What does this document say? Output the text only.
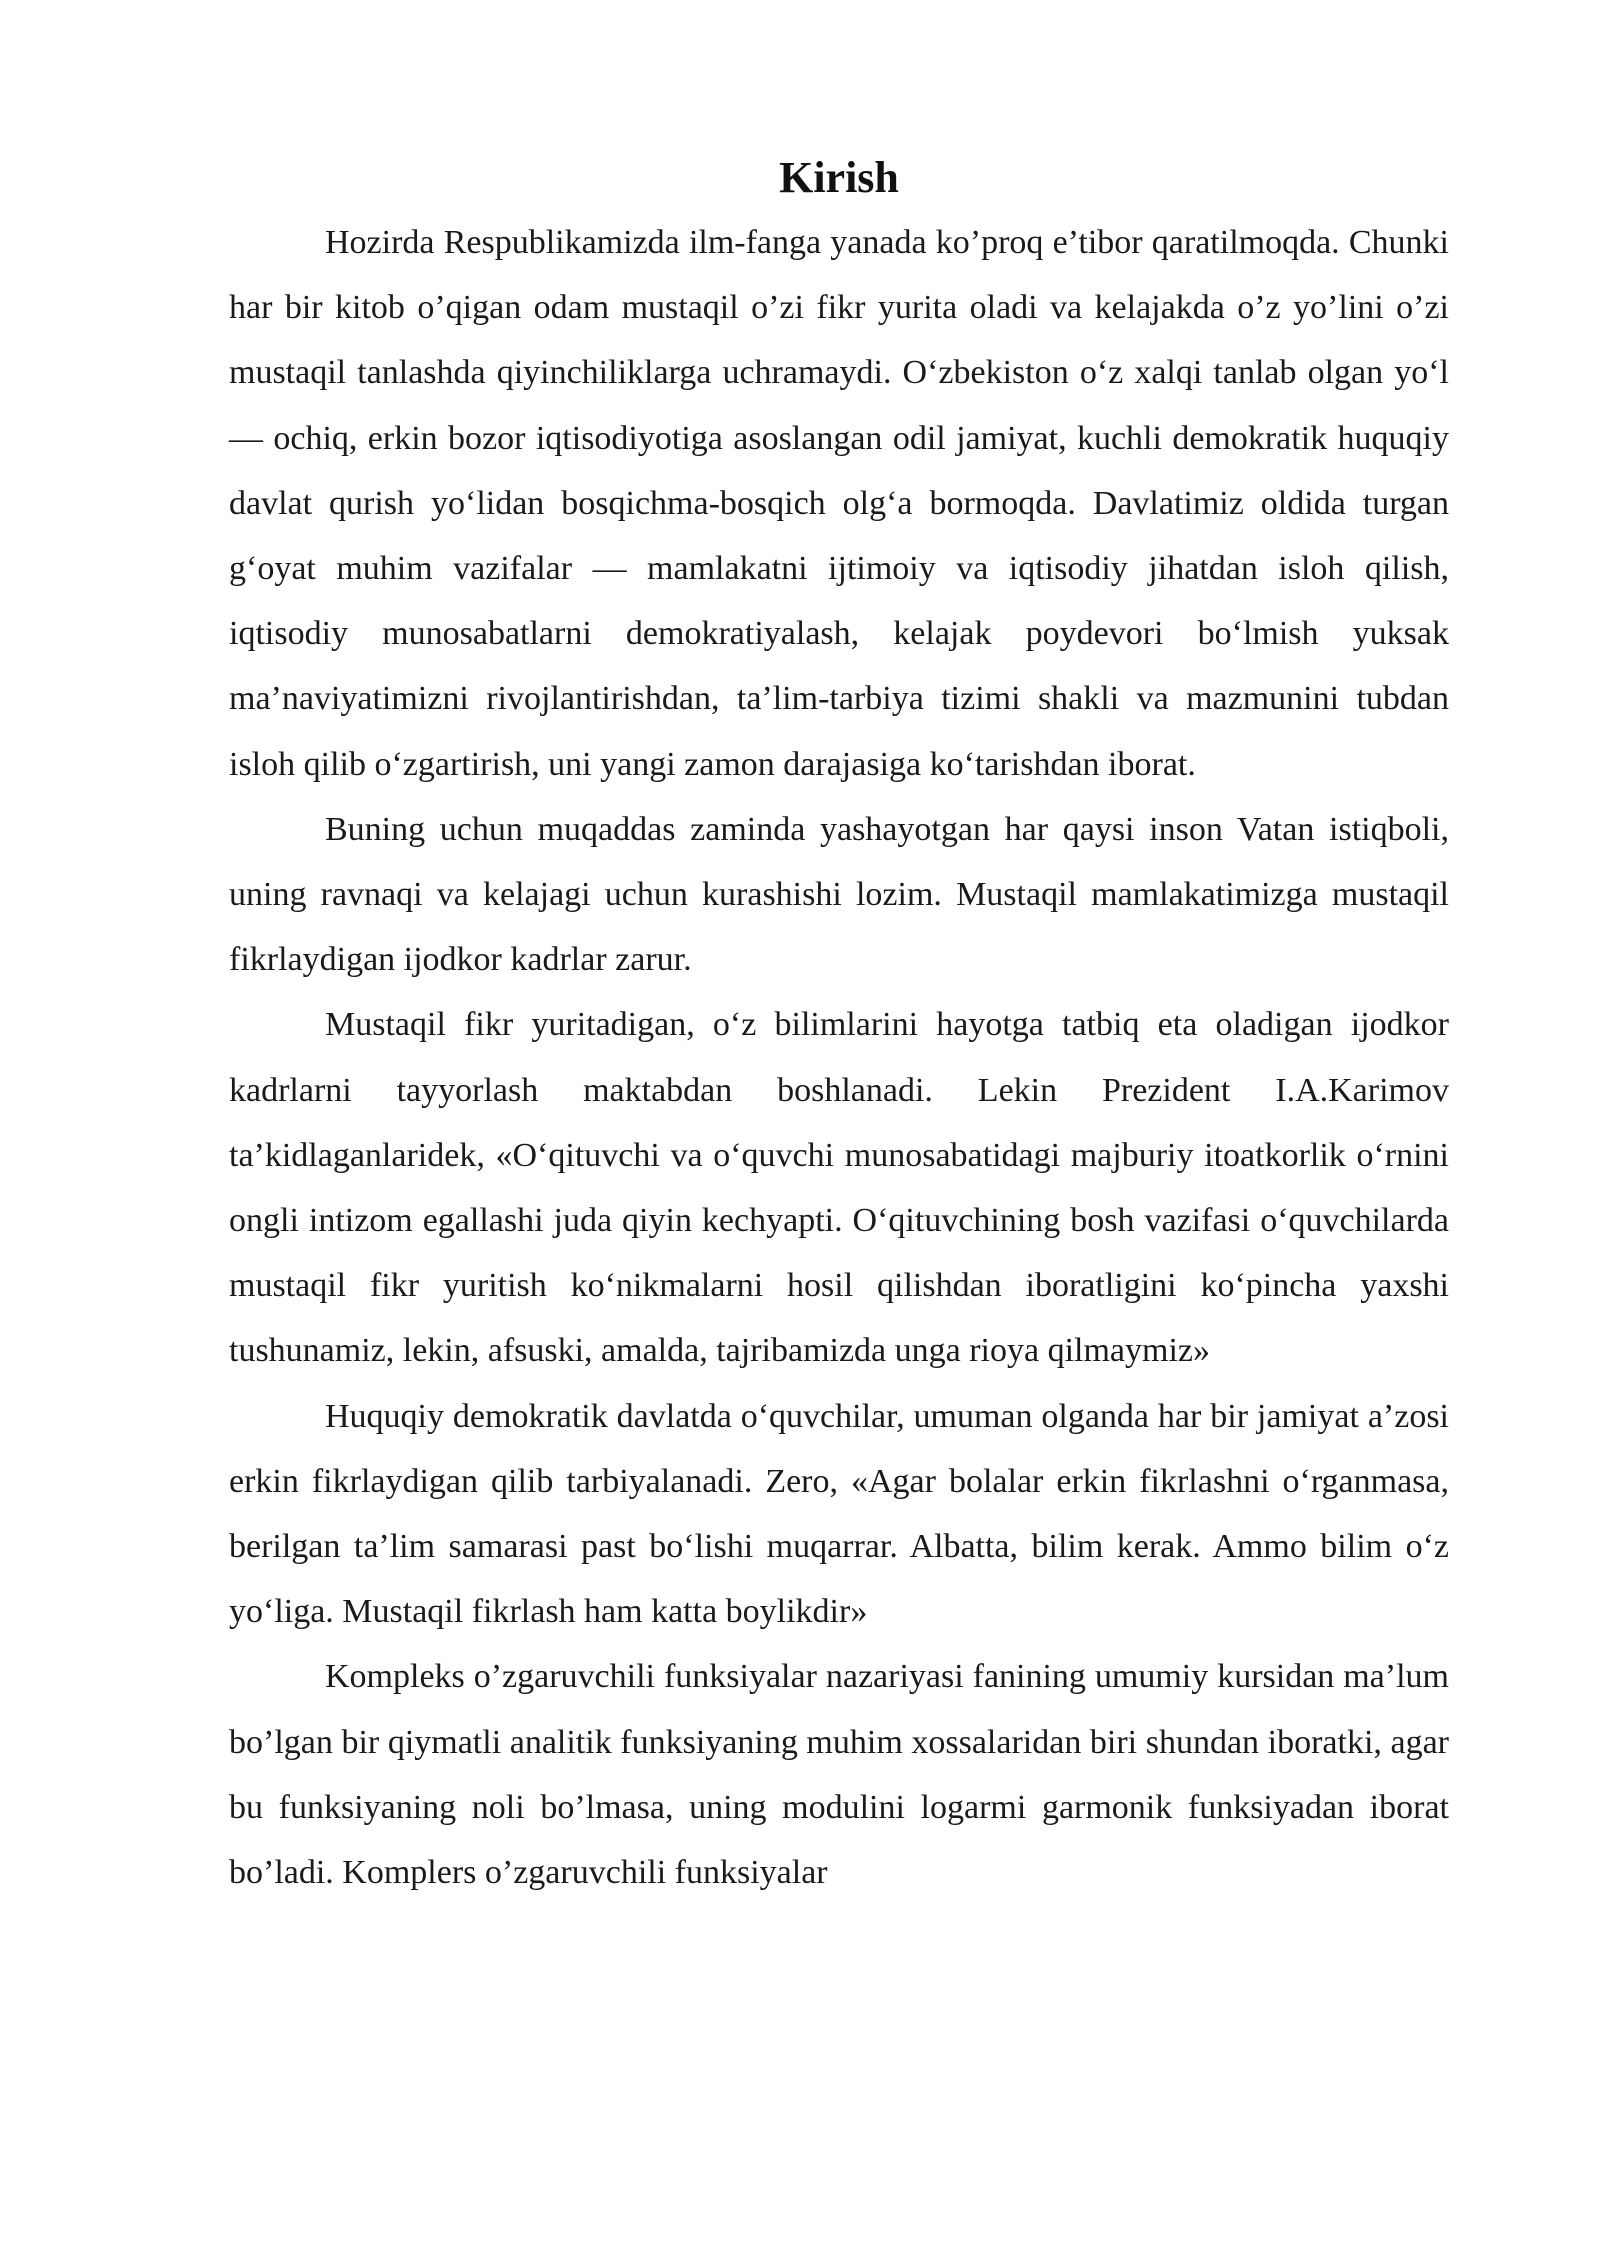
Kirish

Hozirda Respublikamizda ilm-fanga yanada ko’proq e’tibor qaratilmoqda. Chunki har bir kitob o’qigan odam mustaqil o’zi fikr yurita oladi va kelajakda o’z yo’lini o’zi mustaqil tanlashda qiyinchiliklarga uchramaydi. O‘zbekiston o‘z xalqi tanlab olgan yo‘l — ochiq, erkin bozor iqtisodiyotiga asoslangan odil jamiyat, kuchli demokratik huquqiy davlat qurish yo‘lidan bosqichma-bosqich olg‘a bormoqda. Davlatimiz oldida turgan g‘oyat muhim vazifalar — mamlakatni ijtimoiy va iqtisodiy jihatdan isloh qilish, iqtisodiy munosabatlarni demokratiyalash, kelajak poydevori bo‘lmish yuksak ma’naviyatimizni rivojlantirishdan, ta’lim-tarbiya tizimi shakli va mazmunini tubdan isloh qilib o‘zgartirish, uni yangi zamon darajasiga ko‘tarishdan iborat.

Buning uchun muqaddas zaminda yashayotgan har qaysi inson Vatan istiqboli, uning ravnaqi va kelajagi uchun kurashishi lozim. Mustaqil mamlakatimizga mustaqil fikrlaydigan ijodkor kadrlar zarur.

Mustaqil fikr yuritadigan, o‘z bilimlarini hayotga tatbiq eta oladigan ijodkor kadrlarni tayyorlash maktabdan boshlanadi. Lekin Prezident I.A.Karimov ta’kidlaganlaridek, «O‘qituvchi va o‘quvchi munosabatidagi majburiy itoatkorlik o‘rnini ongli intizom egallashi juda qiyin kechyapti. O‘qituvchining bosh vazifasi o‘quvchilarda mustaqil fikr yuritish ko‘nikmalarni hosil qilishdan iboratligini ko‘pincha yaxshi tushunamiz, lekin, afsuski, amalda, tajribamizda unga rioya qilmaymiz»

Huquqiy demokratik davlatda o‘quvchilar, umuman olganda har bir jamiyat a’zosi erkin fikrlaydigan qilib tarbiyalanadi. Zero, «Agar bolalar erkin fikrlashni o‘rganmasa, berilgan ta’lim samarasi past bo‘lishi muqarrar. Albatta, bilim kerak. Ammo bilim o‘z yo‘liga. Mustaqil fikrlash ham katta boylikdir»

Kompleks o’zgaruvchili funksiyalar nazariyasi fanining umumiy kursidan ma’lum bo’lgan bir qiymatli analitik funksiyaning muhim xossalaridan biri shundan iboratki, agar bu funksiyaning noli bo’lmasa, uning modulini logarmi garmonik funksiyadan iborat bo’ladi. Komplers o’zgaruvchili funksiyalar
